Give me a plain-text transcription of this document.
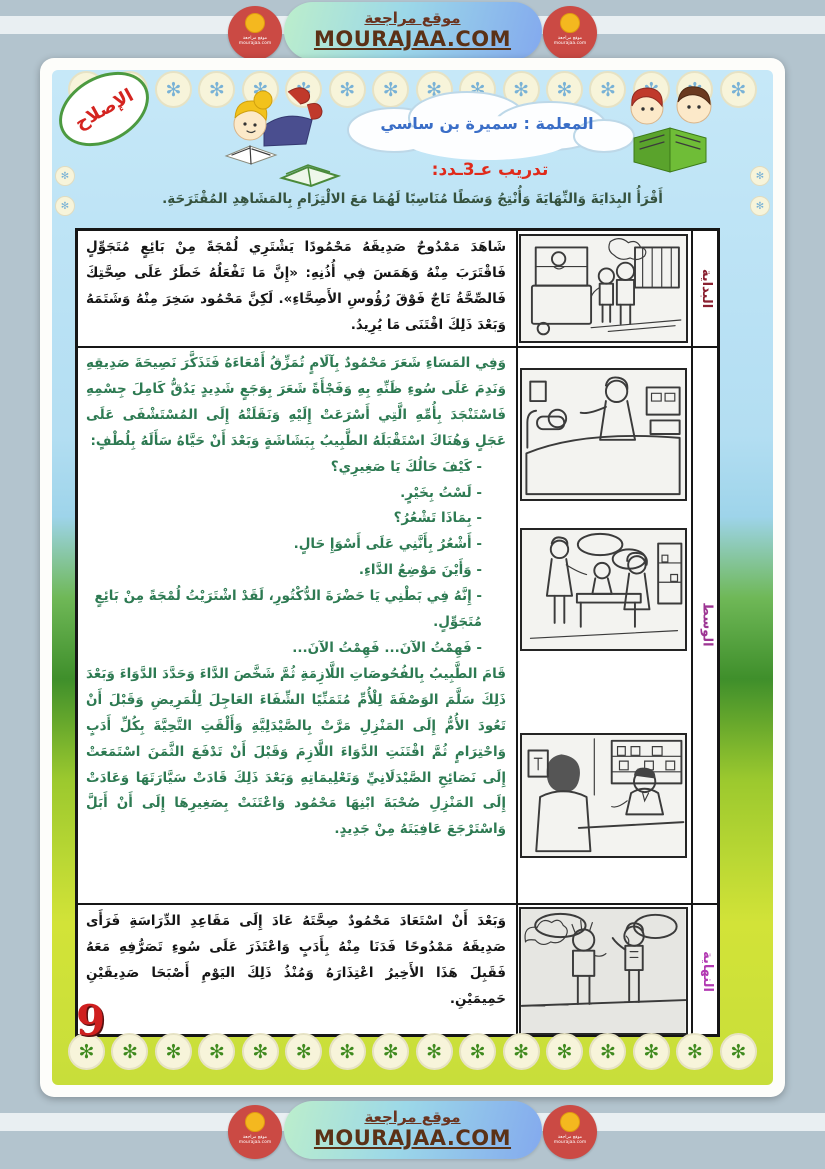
موقع مراجعة mourajaa.com
موقع مراجعة mourajaa.com
موقع مراجعة
MOURAJAA.COM
✻
✻
✻
✻
✻
✻
✻
✻
✻
✻
✻
✻
✻
✻
✻
✻
✻
✻
✻
✻
الإصلاح	المعلمة : سميرة بن ساسي
تدريب عـ3ـدد:
أَقْرَأُ البِدَايَةَ وَالنِّهَايَةَ وَأُنْتِجُ وَسَطًا مُنَاسِبًا لَهُمَا مَعَ الالْتِزَامِ بِالمَشَاهِدِ المُقْتَرَحَةِ.
شَاهَدَ مَمْدُوحٌ صَدِيقَهُ مَحْمُودًا يَشْتَرِي لُمْجَةً مِنْ بَائِعٍ مُتَجَوِّلٍ فَاقْتَرَبَ مِنْهُ وَهَمَسَ فِي أُذُنِهِ: «إِنَّ مَا تَفْعَلُهُ خَطَرٌ عَلَى صِحَّتِكَ فَالصِّحَّةُ تَاجٌ فَوْقَ رُؤُوسِ الأَصِحَّاءِ». لَكِنَّ مَحْمُود سَخِرَ مِنْهُ وَشَتَمَهُ وَبَعْدَ ذَلِكَ اقْتَنَى مَا يُرِيدُ.

وَفِي المَسَاءِ شَعَرَ مَحْمُودٌ بِآلَامٍ تُمَزِّقُ أَمْعَاءَهُ فَتَذَكَّرَ نَصِيحَةَ صَدِيقِهِ وَنَدِمَ عَلَى سُوءِ ظَنِّهِ بِهِ وَفَجْأَةً شَعَرَ بِوَجَعٍ شَدِيدٍ يَدُقُّ كَامِلَ جِسْمِهِ فَاسْتَنْجَدَ بِأُمِّهِ الَّتِي أَسْرَعَتْ إِلَيْهِ وَنَقَلَتْهُ إِلَى المُسْتَشْفَى عَلَى عَجَلٍ وَهُنَاكَ اسْتَقْبَلَهُ الطَّبِيبُ بِبَشَاشَةٍ وَبَعْدَ أَنْ حَيَّاهُ سَأَلَهُ بِلُطْفٍ:

- كَيْفَ حَالُكَ يَا صَغِيرِي؟

- لَسْتُ بِخَيْرٍ.

- بِمَاذَا تَشْعُرُ؟

- أَشْعُرُ بِأَنَّنِي عَلَى أَسْوَإِ حَالٍ.

- وَأَيْنَ مَوْضِعُ الدَّاءِ.

- إِنَّهُ فِي بَطْنِي يَا حَضْرَةَ الدُّكْتُورِ، لَقَدْ اشْتَرَيْتُ لُمْجَةً مِنْ بَائِعٍ مُتَجَوِّلٍ.

- فَهِمْتُ الآنَ... فَهِمْتُ الآنَ...

قَامَ الطَّبِيبُ بِالفُحُوصَاتِ اللَّازِمَةِ ثُمَّ شَخَّصَ الدَّاءَ وَحَدَّدَ الدَّوَاءَ وَبَعْدَ ذَلِكَ سَلَّمَ الوَصْفَةَ لِلْأُمِّ مُتَمَنِّيًا الشِّفَاءَ العَاجِلَ لِلْمَرِيضِ وَقَبْلَ أَنْ تَعُودَ الأُمُّ إِلَى المَنْزِلِ مَرَّتْ بِالصَّيْدَلِيَّةِ وَأَلْقَتِ التَّحِيَّةَ بِكُلِّ أَدَبٍ وَاحْتِرَامٍ ثُمَّ اقْتَنَتِ الدَّوَاءَ اللَّازِمَ وَقَبْلَ أَنْ تَدْفَعَ الثَّمَنَ اسْتَمَعَتْ إِلَى نَصَائِحِ الصَّيْدَلَانِيِّ وَتَعْلِيمَاتِهِ وَبَعْدَ ذَلِكَ قَادَتْ سَيَّارَتَهَا وَعَادَتْ إِلَى المَنْزِلِ صُحْبَةَ ابْنِهَا مَحْمُود وَاعْتَنَتْ بِصَغِيرِهَا إِلَى أَنْ أَبَلَّ وَاسْتَرْجَعَ عَافِيَتَهُ مِنْ جَدِيدٍ.

وَبَعْدَ أَنْ اسْتَعَادَ مَحْمُودٌ صِحَّتَهُ عَادَ إِلَى مَقَاعِدِ الدِّرَاسَةِ فَرَأَى صَدِيقَهُ مَمْدُوحًا فَدَنَا مِنْهُ بِأَدَبٍ وَاعْتَذَرَ عَلَى سُوءِ تَصَرُّفِهِ مَعَهُ فَقَبِلَ هَذَا الأَخِيرُ اعْتِذَارَهُ وَمُنْذُ ذَلِكَ اليَوْمِ أَصْبَحَا صَدِيقَيْنِ حَمِيمَيْنِ.
البداية
الوسط
النهاية
✻
✻
✻
✻
✻
✻
✻
✻
✻
✻
✻
✻
✻
✻
✻
✻
9
موقع مراجعة mourajaa.com
موقع مراجعة mourajaa.com
موقع مراجعة
MOURAJAA.COM
